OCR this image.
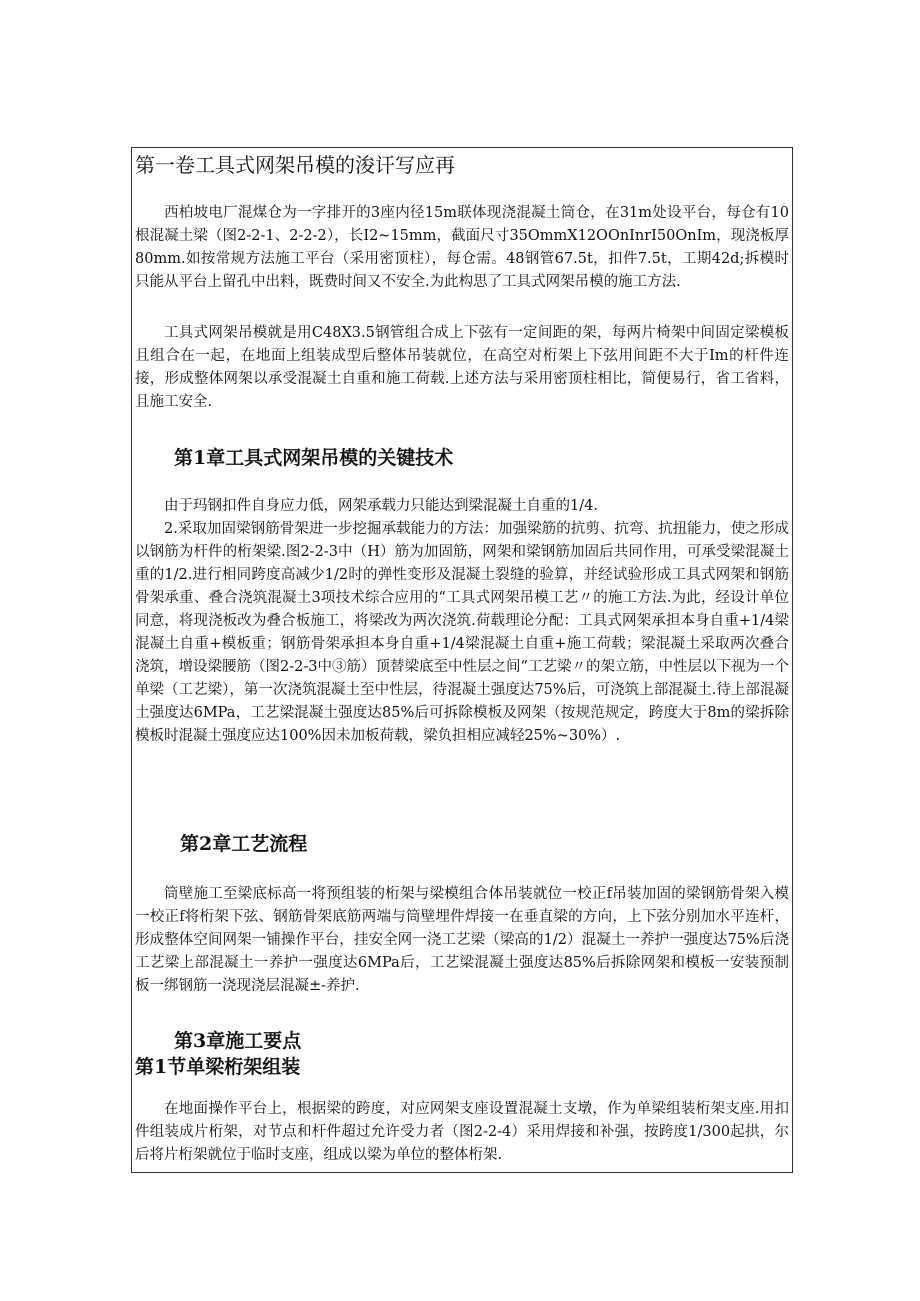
第一卷工具式网架吊模的浚讦写应再

西柏坡电厂混煤仓为一字排开的3座内径15m联体现浇混凝土筒仓，在31m处设平台，每仓有10根混凝土梁（图2-2-1、2-2-2），长I2~15mm，截面尺寸35OmmX12OOnInrI50OnIm，现浇板厚80mm.如按常规方法施工平台（采用密顶柱），每仓需。48钢管67.5t，扣件7.5t，工期42d;拆模时只能从平台上留孔中出料，既费时间又不安全.为此构思了工具式网架吊模的施工方法.

工具式网架吊模就是用C48X3.5钢管组合成上下弦有一定间距的架，每两片椅架中间固定梁模板且组合在一起，在地面上组装成型后整体吊装就位，在高空对桁架上下弦用间距不大于Im的杆件连接，形成整体网架以承受混凝土自重和施工荷载.上述方法与采用密顶柱相比，简便易行，省工省料，且施工安全.

第1章工具式网架吊模的关键技术

由于玛钢扣件自身应力低，网架承载力只能达到梁混凝土自重的1/4.

2.采取加固梁钢筋骨架进一步挖掘承载能力的方法：加强梁筋的抗剪、抗弯、抗扭能力，使之形成以钢筋为杆件的桁架梁.图2-2-3中（H）筋为加固筋，网架和梁钢筋加固后共同作用，可承受梁混凝土重的1/2.进行相同跨度高减少1/2时的弹性变形及混凝土裂缝的验算，并经试验形成工具式网架和钢筋骨架承重、叠合浇筑混凝土3项技术综合应用的“工具式网架吊模工艺〃的施工方法.为此，经设计单位同意，将现浇板改为叠合板施工，将梁改为两次浇筑.荷载理论分配：工具式网架承担本身自重+1/4梁混凝土自重+模板重；钢筋骨架承担本身自重+1/4梁混凝土自重+施工荷载；梁混凝土采取两次叠合浇筑，增设梁腰筋（图2-2-3中③筋）顶替梁底至中性层之间“工艺梁〃的架立筋，中性层以下视为一个单梁（工艺梁），第一次浇筑混凝土至中性层，待混凝土强度达75%后，可浇筑上部混凝土.待上部混凝土强度达6MPa，工艺梁混凝土强度达85%后可拆除模板及网架（按规范规定，跨度大于8m的梁拆除模板时混凝土强度应达100%因未加板荷载，梁负担相应减轻25%~30%）.

第2章工艺流程

筒壁施工至梁底标高一将预组装的桁架与梁模组合体吊装就位一校正f吊装加固的梁钢筋骨架入模一校正f将桁架下弦、钢筋骨架底筋两端与筒壁埋件焊接一在垂直梁的方向，上下弦分别加水平连杆，形成整体空间网架一铺操作平台，挂安全网一浇工艺梁（梁高的1/2）混凝土一养护一强度达75%后浇工艺梁上部混凝土一养护一强度达6MPa后，工艺梁混凝土强度达85%后拆除网架和模板一安装预制板一绑钢筋一浇现浇层混凝±-养护.

第3章施工要点
第1节单梁桁架组装

在地面操作平台上，根据梁的跨度，对应网架支座设置混凝土支墩，作为单梁组装桁架支座.用扣件组装成片桁架，对节点和杆件超过允许受力者（图2-2-4）采用焊接和补强，按跨度1/300起拱，尔后将片桁架就位于临时支座，组成以梁为单位的整体桁架.
